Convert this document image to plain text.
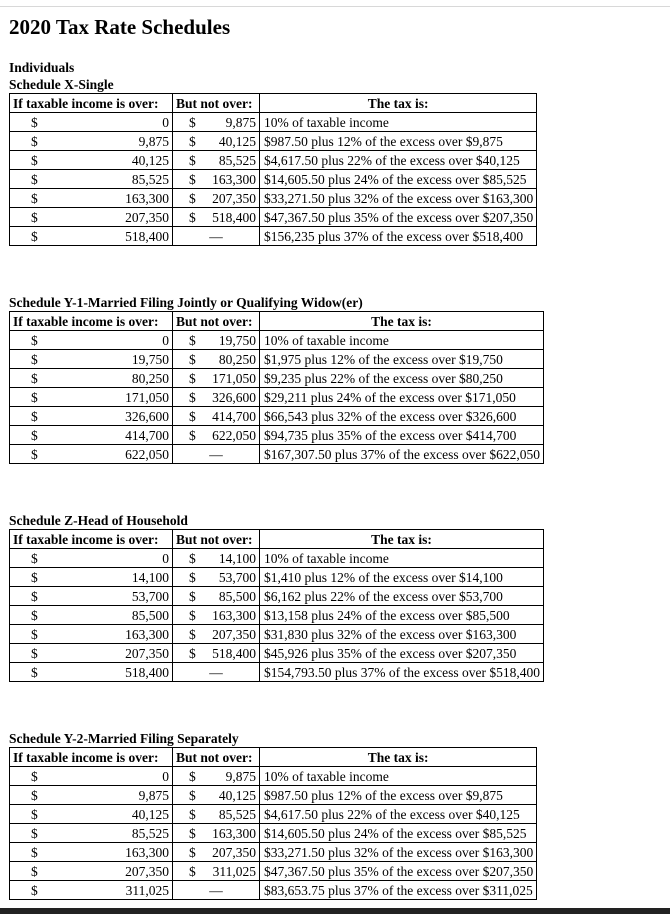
2020 Tax Rate Schedules
Individuals
Schedule X-Single
If taxable income is over:	But not over:	The tax is:

$ 0	$ 9,875	10% of taxable income

$ 9,875	$ 40,125	$987.50 plus 12% of the excess over $9,875

$ 40,125	$ 85,525	$4,617.50 plus 22% of the excess over $40,125

$ 85,525	$ 163,300	$14,605.50 plus 24% of the excess over $85,525

$ 163,300	$ 207,350	$33,271.50 plus 32% of the excess over $163,300

$ 207,350	$ 518,400	$47,367.50 plus 35% of the excess over $207,350

$ 518,400	—	$156,235 plus 37% of the excess over $518,400
Schedule Y-1-Married Filing Jointly or Qualifying Widow(er)
If taxable income is over:	But not over:	The tax is:

$ 0	$ 19,750	10% of taxable income

$ 19,750	$ 80,250	$1,975 plus 12% of the excess over $19,750

$ 80,250	$ 171,050	$9,235 plus 22% of the excess over $80,250

$ 171,050	$ 326,600	$29,211 plus 24% of the excess over $171,050

$ 326,600	$ 414,700	$66,543 plus 32% of the excess over $326,600

$ 414,700	$ 622,050	$94,735 plus 35% of the excess over $414,700

$ 622,050	—	$167,307.50 plus 37% of the excess over $622,050
Schedule Z-Head of Household
If taxable income is over:	But not over:	The tax is:

$ 0	$ 14,100	10% of taxable income

$ 14,100	$ 53,700	$1,410 plus 12% of the excess over $14,100

$ 53,700	$ 85,500	$6,162 plus 22% of the excess over $53,700

$ 85,500	$ 163,300	$13,158 plus 24% of the excess over $85,500

$ 163,300	$ 207,350	$31,830 plus 32% of the excess over $163,300

$ 207,350	$ 518,400	$45,926 plus 35% of the excess over $207,350

$ 518,400	—	$154,793.50 plus 37% of the excess over $518,400
Schedule Y-2-Married Filing Separately
If taxable income is over:	But not over:	The tax is:

$ 0	$ 9,875	10% of taxable income

$ 9,875	$ 40,125	$987.50 plus 12% of the excess over $9,875

$ 40,125	$ 85,525	$4,617.50 plus 22% of the excess over $40,125

$ 85,525	$ 163,300	$14,605.50 plus 24% of the excess over $85,525

$ 163,300	$ 207,350	$33,271.50 plus 32% of the excess over $163,300

$ 207,350	$ 311,025	$47,367.50 plus 35% of the excess over $207,350

$ 311,025	—	$83,653.75 plus 37% of the excess over $311,025
